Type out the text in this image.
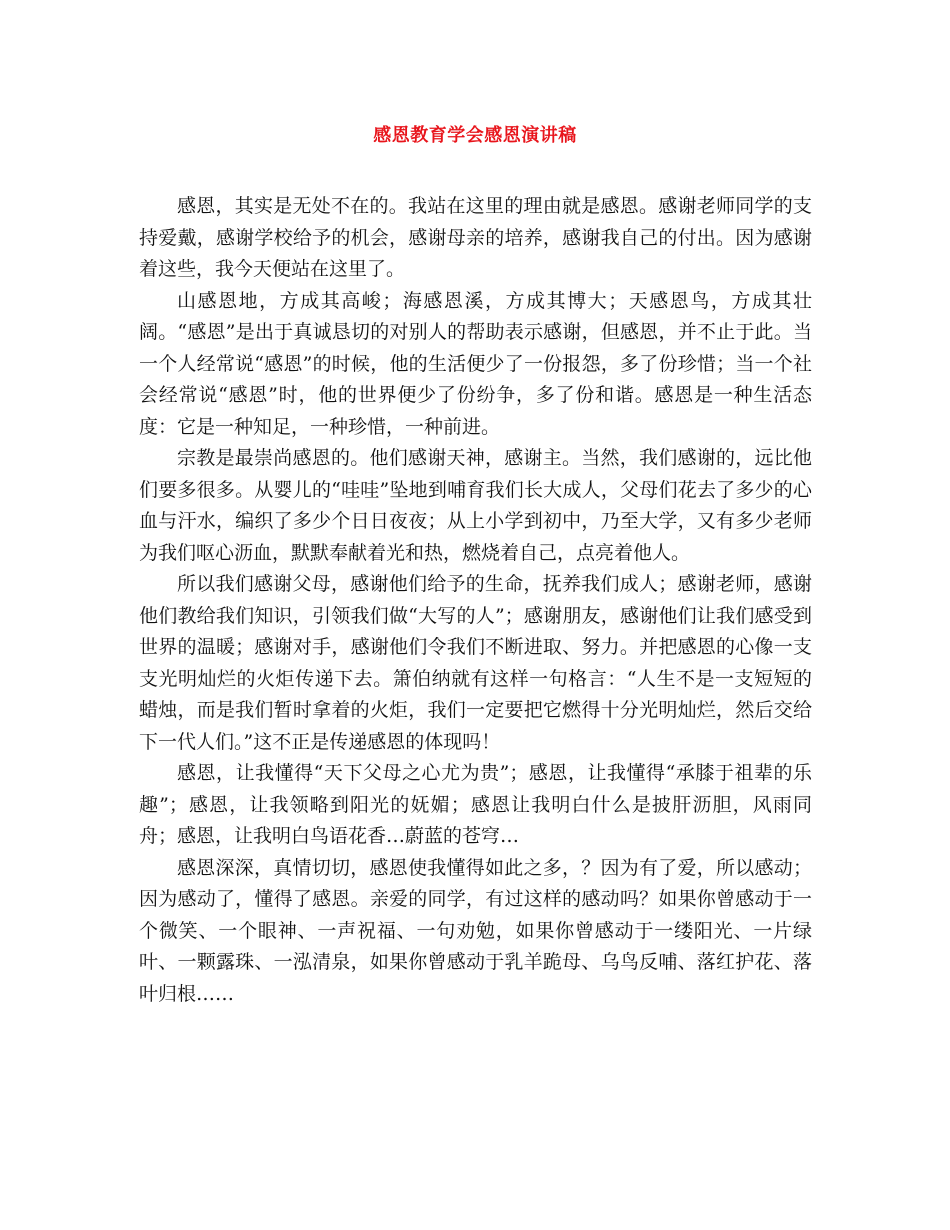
感恩教育学会感恩演讲稿

感恩，其实是无处不在的。我站在这里的理由就是感恩。感谢老师同学的支持爱戴，感谢学校给予的机会，感谢母亲的培养，感谢我自己的付出。因为感谢着这些，我今天便站在这里了。

山感恩地，方成其高峻；海感恩溪，方成其博大；天感恩鸟，方成其壮阔。“感恩”是出于真诚恳切的对别人的帮助表示感谢，但感恩，并不止于此。当一个人经常说“感恩”的时候，他的生活便少了一份报怨，多了份珍惜；当一个社会经常说“感恩”时，他的世界便少了份纷争，多了份和谐。感恩是一种生活态度：它是一种知足，一种珍惜，一种前进。

宗教是最崇尚感恩的。他们感谢天神，感谢主。当然，我们感谢的，远比他们要多很多。从婴儿的“哇哇”坠地到哺育我们长大成人，父母们花去了多少的心血与汗水，编织了多少个日日夜夜；从上小学到初中，乃至大学，又有多少老师为我们呕心沥血，默默奉献着光和热，燃烧着自己，点亮着他人。

所以我们感谢父母，感谢他们给予的生命，抚养我们成人；感谢老师，感谢他们教给我们知识，引领我们做“大写的人”；感谢朋友，感谢他们让我们感受到世界的温暖；感谢对手，感谢他们令我们不断进取、努力。并把感恩的心像一支支光明灿烂的火炬传递下去。箫伯纳就有这样一句格言：“人生不是一支短短的蜡烛，而是我们暂时拿着的火炬，我们一定要把它燃得十分光明灿烂，然后交给下一代人们。”这不正是传递感恩的体现吗！

感恩，让我懂得“天下父母之心尤为贵”；感恩，让我懂得“承膝于祖辈的乐趣”；感恩，让我领略到阳光的妩媚；感恩让我明白什么是披肝沥胆，风雨同舟；感恩，让我明白鸟语花香…蔚蓝的苍穹…

感恩深深，真情切切，感恩使我懂得如此之多，？因为有了爱，所以感动；因为感动了，懂得了感恩。亲爱的同学，有过这样的感动吗？如果你曾感动于一个微笑、一个眼神、一声祝福、一句劝勉，如果你曾感动于一缕阳光、一片绿叶、一颗露珠、一泓清泉，如果你曾感动于乳羊跪母、乌鸟反哺、落红护花、落叶归根……
